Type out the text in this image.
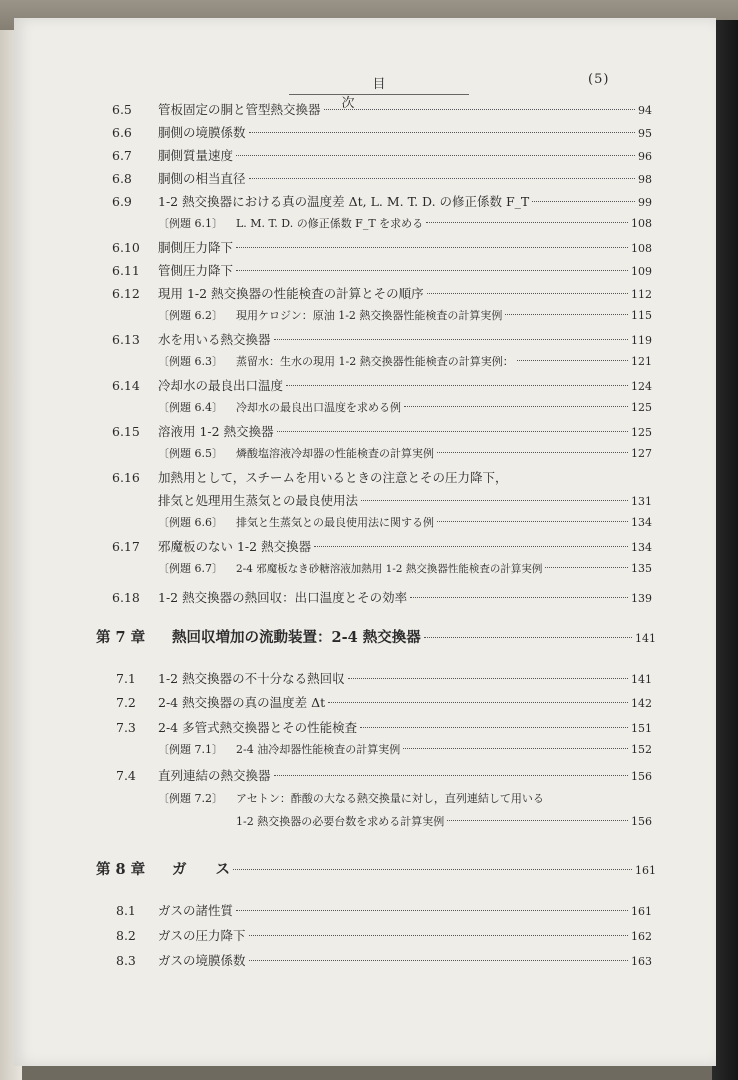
目次
(5)
6.5	管板固定の胴と管型熱交換器	94
6.6	胴側の境膜係数	95
6.7	胴側質量速度	96
6.8	胴側の相当直径	98
6.9	1-2 熱交換器における真の温度差 Δt, L. M. T. D. の修正係数 F_T	99
〔例題 6.1〕	L. M. T. D. の修正係数 F_T を求める	108
6.10	胴側圧力降下	108
6.11	管側圧力降下	109
6.12	現用 1-2 熱交換器の性能検査の計算とその順序	112
〔例題 6.2〕	現用ケロジン：原油 1-2 熱交換器性能検査の計算実例	115
6.13	水を用いる熱交換器	119
〔例題 6.3〕	蒸留水：生水の現用 1-2 熱交換器性能検査の計算実例：	121
6.14	冷却水の最良出口温度	124
〔例題 6.4〕	冷却水の最良出口温度を求める例	125
6.15	溶液用 1-2 熱交換器	125
〔例題 6.5〕	燐酸塩溶液冷却器の性能検査の計算実例	127
6.16	加熱用として，スチームを用いるときの注意とその圧力降下，
排気と処理用生蒸気との最良使用法	131
〔例題 6.6〕	排気と生蒸気との最良使用法に関する例	134
6.17	邪魔板のない 1-2 熱交換器	134
〔例題 6.7〕	2-4 邪魔板なき砂糖溶液加熱用 1-2 熱交換器性能検査の計算実例	135
6.18	1-2 熱交換器の熱回収：出口温度とその効率	139
第 7 章	熱回収増加の流動装置：2-4 熱交換器	141
7.1	1-2 熱交換器の不十分なる熱回収	141
7.2	2-4 熱交換器の真の温度差 Δt	142
7.3	2-4 多管式熱交換器とその性能検査	151
〔例題 7.1〕	2-4 油冷却器性能検査の計算実例	152
7.4	直列連結の熱交換器	156
〔例題 7.2〕	アセトン：酢酸の大なる熱交換量に対し，直列連結して用いる
1-2 熱交換器の必要台数を求める計算実例	156
第 8 章	ガ　　ス	161
8.1	ガスの諸性質	161
8.2	ガスの圧力降下	162
8.3	ガスの境膜係数	163
